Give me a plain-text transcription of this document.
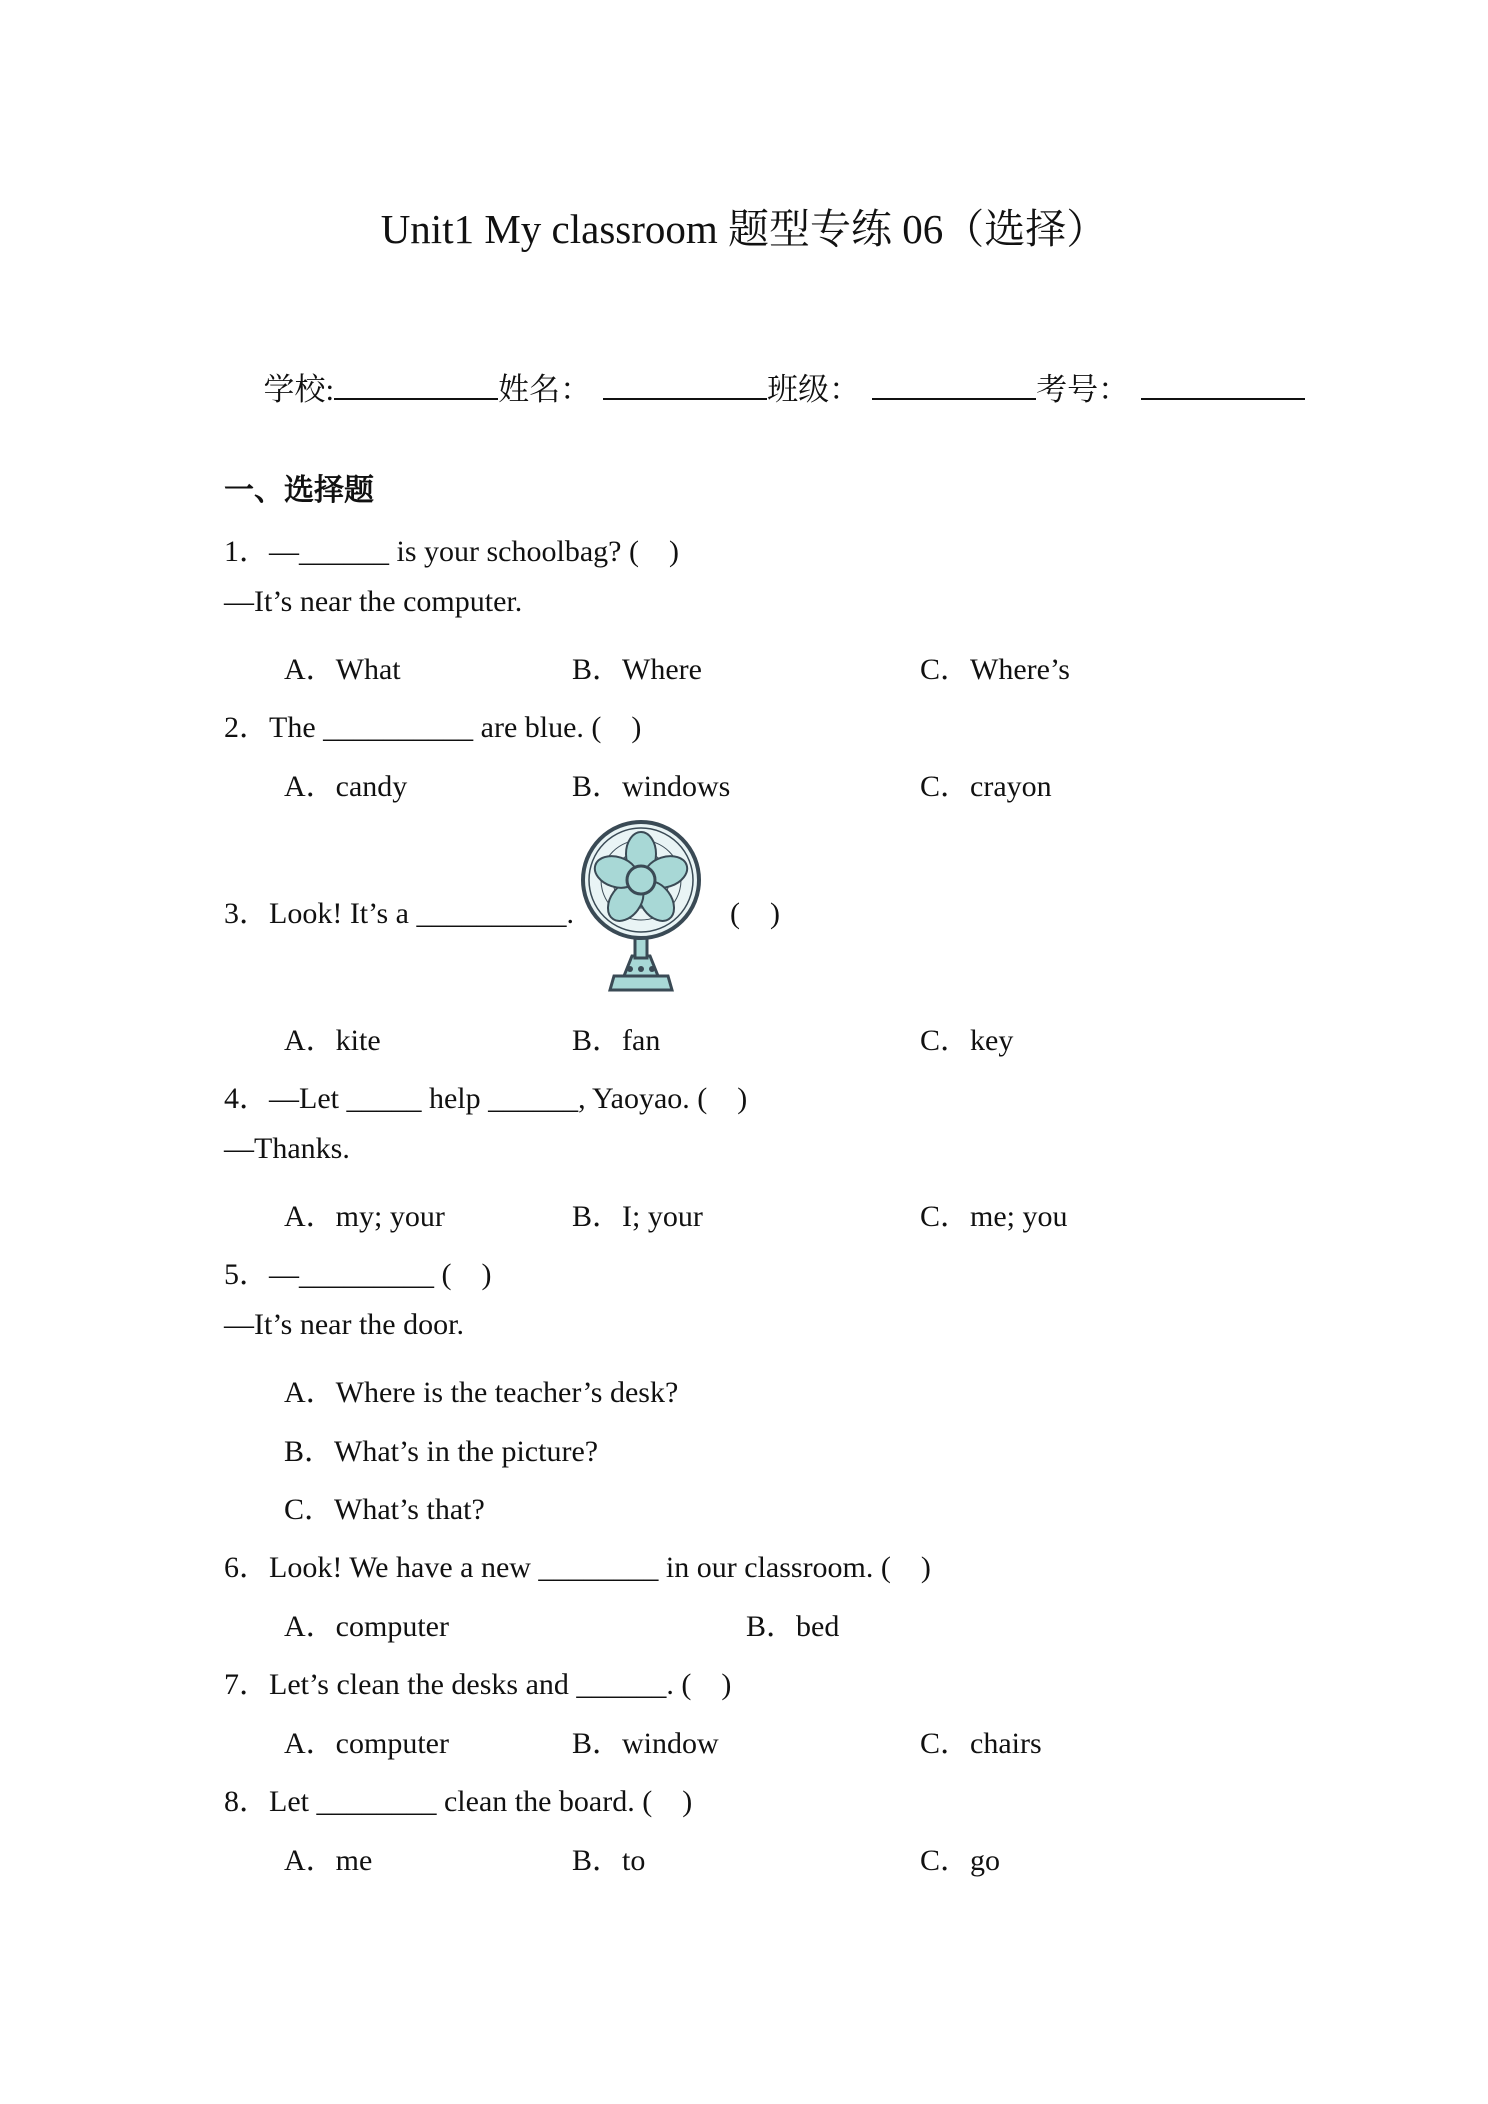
Unit1 My classroom 题型专练 06（选择）

学校:	姓名：	班级：	考号：

一、选择题
1．—______ is your schoolbag? (　)
—It’s near the computer.
A．What	B．Where	C．Where’s
2．The __________ are blue. (　)
A．candy	B．windows	C．crayon
3．Look! It’s a __________.	(　)
A．kite	B．fan	C．key
4．—Let _____ help ______, Yaoyao. (　)
—Thanks.
A．my; your	B．I; your	C．me; you
5．—_________ (　)
—It’s near the door.
A．Where is the teacher’s desk?
B．What’s in the picture?
C．What’s that?
6．Look! We have a new ________ in our classroom. (　)
A．computer	B．bed
7．Let’s clean the desks and ______. (　)
A．computer	B．window	C．chairs
8．Let ________ clean the board. (　)
A．me	B．to	C．go
